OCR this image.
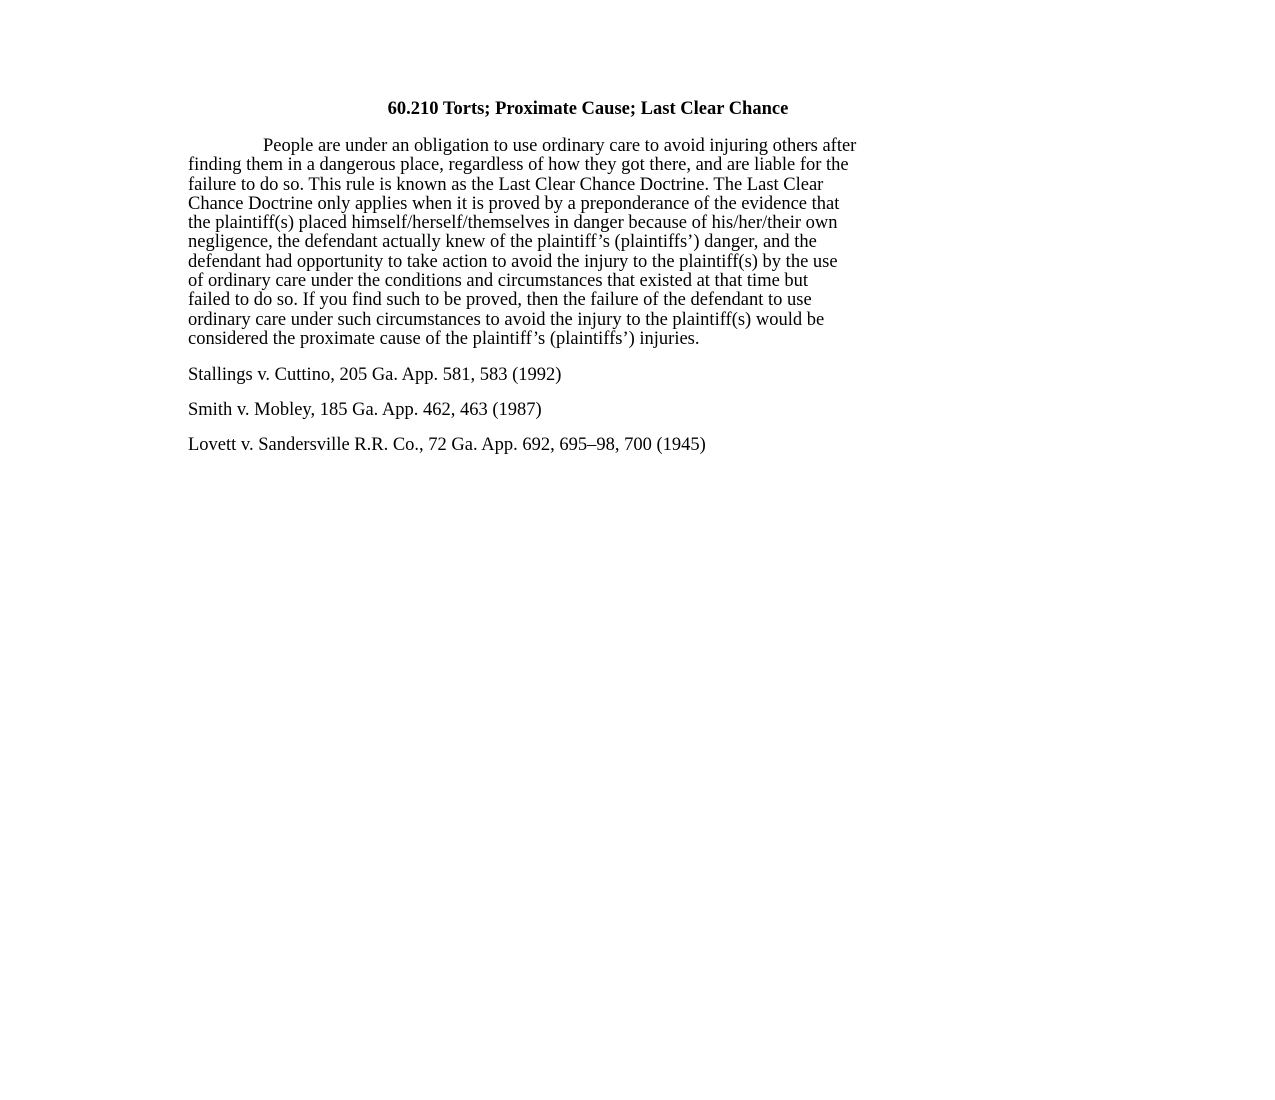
60.210 Torts; Proximate Cause; Last Clear Chance

People are under an obligation to use ordinary care to avoid injuring others after
finding them in a dangerous place, regardless of how they got there, and are liable for the
failure to do so. This rule is known as the Last Clear Chance Doctrine. The Last Clear
Chance Doctrine only applies when it is proved by a preponderance of the evidence that
the plaintiff(s) placed himself/herself/themselves in danger because of his/her/their own
negligence, the defendant actually knew of the plaintiff’s (plaintiffs’) danger, and the
defendant had opportunity to take action to avoid the injury to the plaintiff(s) by the use
of ordinary care under the conditions and circumstances that existed at that time but
failed to do so. If you find such to be proved, then the failure of the defendant to use
ordinary care under such circumstances to avoid the injury to the plaintiff(s) would be
considered the proximate cause of the plaintiff’s (plaintiffs’) injuries.

Stallings v. Cuttino, 205 Ga. App. 581, 583 (1992)

Smith v. Mobley, 185 Ga. App. 462, 463 (1987)

Lovett v. Sandersville R.R. Co., 72 Ga. App. 692, 695–98, 700 (1945)
